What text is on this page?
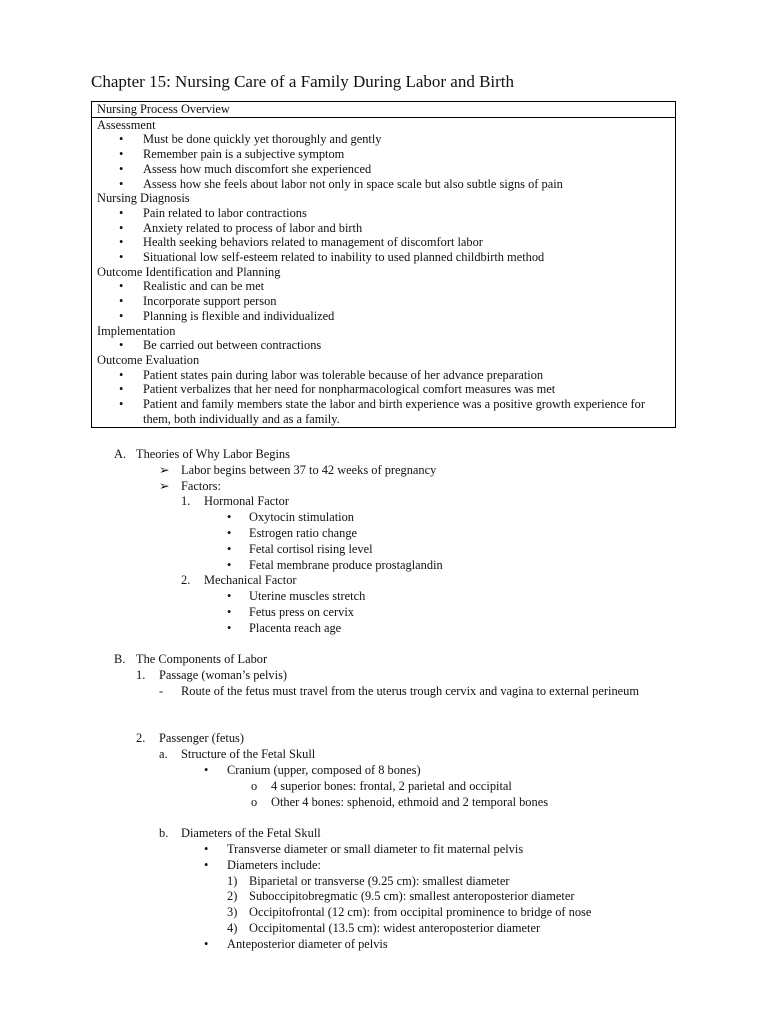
Chapter 15: Nursing Care of a Family During Labor and Birth
Nursing Process Overview
Assessment
• Must be done quickly yet thoroughly and gently
• Remember pain is a subjective symptom
• Assess how much discomfort she experienced
• Assess how she feels about labor not only in space scale but also subtle signs of pain
Nursing Diagnosis
• Pain related to labor contractions
• Anxiety related to process of labor and birth
• Health seeking behaviors related to management of discomfort labor
• Situational low self-esteem related to inability to used planned childbirth method
Outcome Identification and Planning
• Realistic and can be met
• Incorporate support person
• Planning is flexible and individualized
Implementation
• Be carried out between contractions
Outcome Evaluation
• Patient states pain during labor was tolerable because of her advance preparation
• Patient verbalizes that her need for nonpharmacological comfort measures was met
• Patient and family members state the labor and birth experience was a positive growth experience for them, both individually and as a family.
A. Theories of Why Labor Begins
➢ Labor begins between 37 to 42 weeks of pregnancy
➢ Factors:
1. Hormonal Factor
• Oxytocin stimulation
• Estrogen ratio change
• Fetal cortisol rising level
• Fetal membrane produce prostaglandin
2. Mechanical Factor
• Uterine muscles stretch
• Fetus press on cervix
• Placenta reach age
B. The Components of Labor
1. Passage (woman’s pelvis)
- Route of the fetus must travel from the uterus trough cervix and vagina to external perineum
2. Passenger (fetus)
a. Structure of the Fetal Skull
• Cranium (upper, composed of 8 bones)
o 4 superior bones: frontal, 2 parietal and occipital
o Other 4 bones: sphenoid, ethmoid and 2 temporal bones
b. Diameters of the Fetal Skull
• Transverse diameter or small diameter to fit maternal pelvis
• Diameters include:
1) Biparietal or transverse (9.25 cm): smallest diameter
2) Suboccipitobregmatic (9.5 cm): smallest anteroposterior diameter
3) Occipitofrontal (12 cm): from occipital prominence to bridge of nose
4) Occipitomental (13.5 cm): widest anteroposterior diameter
• Anteposterior diameter of pelvis
